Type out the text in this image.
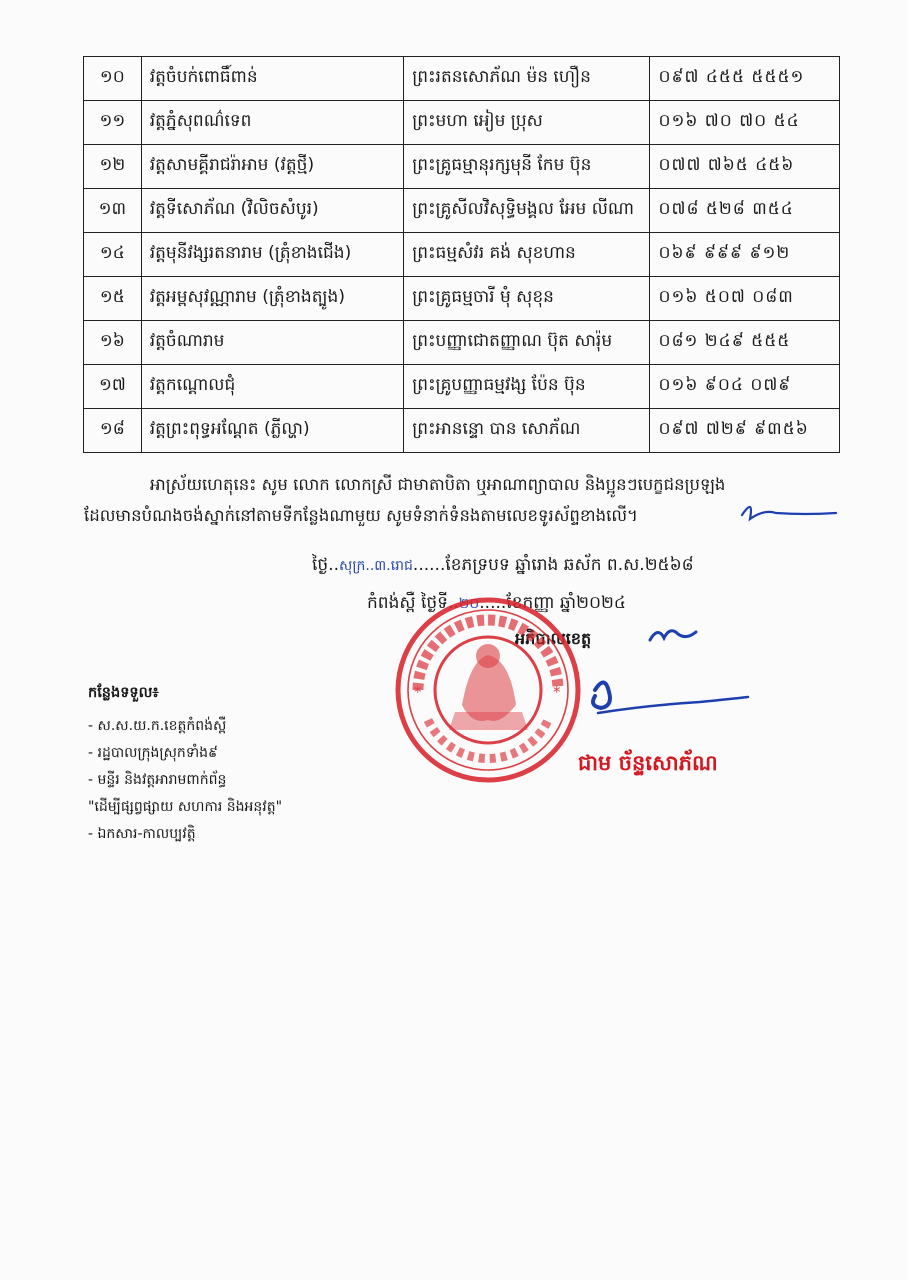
១០	វត្តចំបក់ពោធិ៍ពាន់	ព្រះរតនសោភ័ណ ម៉ន ហឿន	០៩៧ ៤៥៥ ៥៥៥១
១១	វត្តភ្នំសុពណ៌ទេព	ព្រះមហា អៀម ប្រុស	០១៦ ៧០ ៧០ ៥៤
១២	វត្តសាមគ្គីរាជរ៉ាអាម (វត្តថ្មី)	ព្រះគ្រូធម្មានុរក្សមុនី កែម ប៊ុន	០៧៧ ៧៦៥ ៤៥៦
១៣	វត្តទីសោភ័ណ (វិលិចសំបូរ)	ព្រះគ្រូសីលវិសុទ្ធិមង្គល អែម លីណា	០៧៨ ៥២៨ ៣៥៤
១៤	វត្តមុនីវង្សរតនារាម (ត្រុំខាងជើង)	ព្រះធម្មសំវរ គង់ សុខហាន	០៦៩ ៩៩៩ ៩១២
១៥	វត្តអម្ពសុវណ្ណារាម (ត្រុំខាងត្បូង)	ព្រះគ្រូធម្មចារី មុំ សុខុន	០១៦ ៥០៧ ០៨៣
១៦	វត្តចំណារាម	ព្រះបញ្ញាជោតញ្ញាណ ប៊ុត សារ៉ុម	០៨១ ២៤៩ ៥៥៥
១៧	វត្តកណ្តោលជុំ	ព្រះគ្រូបញ្ញាធម្មវង្ស ប៉ែន ប៊ុន	០១៦ ៩០៤ ០៧៩
១៨	វត្តព្រះពុទ្ធអណ្តែត (ភ្លីល្ហា)	ព្រះអានន្ទោ បាន សោភ័ណ	០៩៧ ៧២៩ ៩៣៥៦
អាស្រ័យហេតុនេះ សូម លោក លោកស្រី ជាមាតាបិតា ឬអាណាព្យាបាល និងប្អូនៗបេក្ខជនប្រឡង
ដែលមានបំណងចង់ស្នាក់នៅតាមទីកន្លែងណាមួយ សូមទំនាក់ទំនងតាមលេខទូរស័ព្ទខាងលើ។
ថ្ងៃ..សុក្រ..៣.រោជ......ខែភទ្របទ ឆ្នាំរោង ឆស័ក ព.ស.២៥៦៨
កំពង់ស្ពឺ ថ្ងៃទី..២០.....ខែកញ្ញា ឆ្នាំ២០២៤
អភិបាលខេត្ត
*	*
ជាម ច័ន្ទសោភ័ណ
កន្លែងទទួល៖
- ស.ស.យ.ក.ខេត្តកំពង់ស្ពឺ
- រដ្ឋបាលក្រុងស្រុកទាំង៩
- មន្ទីរ និងវត្តអារាមពាក់ព័ន្ធ
"ដើម្បីផ្សព្វផ្សាយ សហការ និងអនុវត្ត"
- ឯកសារ-កាលប្បវត្តិ
